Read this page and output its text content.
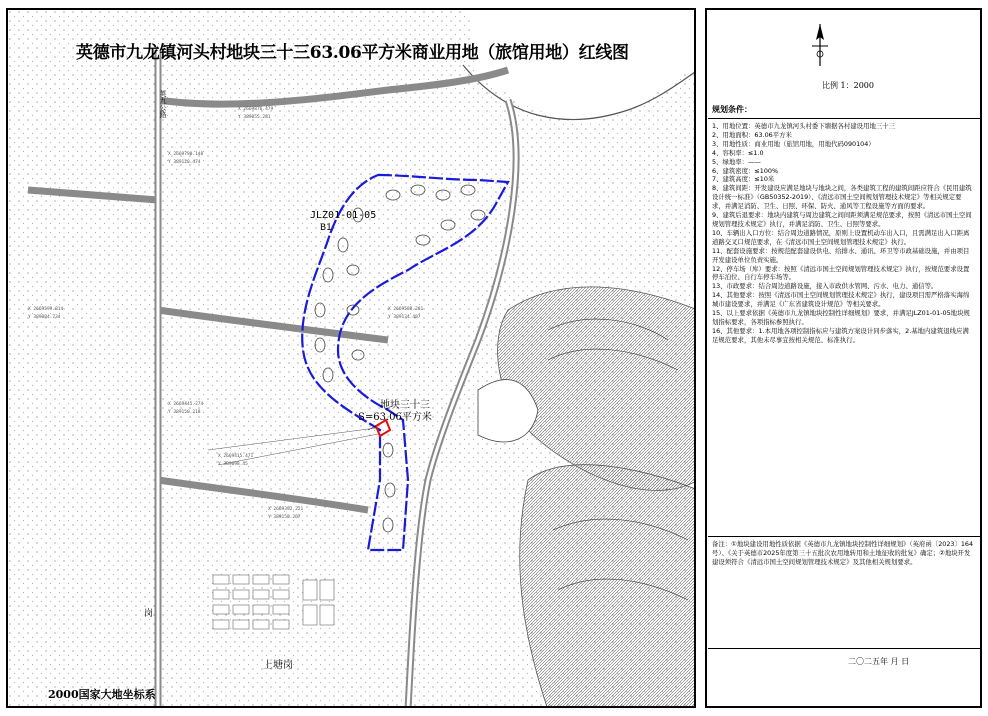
X 2669876.479
Y 389055.281
X 2669790.148
Y 389120.474
X 2669588.201
Y 389134.487
X 2669599.814
Y 389084.734
X 2669445.274
Y 389150.218
X 2669415.471
Y 389098.45
X 2669392.221
Y 389158.267
英德市九龙镇河头村地块三十三63.06平方米商业用地（旅馆用地）红线图
JLZ01-01-05
B1
地块三十三
S=63.06平方米
上塘岗
岗
英九公路
2000国家大地坐标系
比例 1：2000
规划条件：
1、用地位置：英德市九龙镇河头村委下塘据各村建设用地三十三
2、用地面积：63.06平方米
3、用地性质：商业用地（旅馆用地，用地代码090104）
4、容积率：≤1.0
5、绿地率：——
6、建筑密度：≤100%
7、建筑高度：≤10米
8、建筑间距：开发建设应满足地块与地块之间，各类建筑工程的建筑间距应符合《民用建筑设计统一标准》（GB50352-2019）、《清远市国土空间规划管理技术规定》等相关规定要求，并满足消防、卫生、日照、环保、防火、通风等工程设施等方面的要求。
9、建筑后退要求：地块内建筑与周边建筑之间间距须满足规范要求，按照《清远市国土空间规划管理技术规定》执行，并满足消防、卫生、日照等要求。
10、车辆出入口方位：结合周边道路情况，原则上设置机动车出入口，且需满足出入口距离道路交叉口规范要求，在《清远市国土空间规划管理技术规定》执行。
11、配套设施要求：按规范配套建设供电、给排水、通讯、环卫等市政基础设施，并由项目开发建设单位负责实施。
12、停车场（库）要求：按照《清远市国土空间规划管理技术规定》执行，按规范要求设置停车泊位、自行车停车场等。
13、市政要求：结合周边道路设施，接入市政供水管网、污水、电力、通信等。
14、其他要求：按照《清远市国土空间规划管理技术规定》执行，建设项目需严格落实海绵城市建设要求，并满足《广东省建筑设计规范》等相关要求。
15、以上要求依据《英德市九龙镇地块控制性详细规划》要求，并满足JLZ01-01-05地块规划指标要求，各项指标参照执行。
16、其他要求：1.本用地各项控制指标应与建筑方案设计同步落实，2.基地内建筑退线应满足规范要求，其他未尽事宜按相关规范、标准执行。
备注：①地块建设用地性质依据《英德市九龙镇地块控制性详细规划》（英府函〔2023〕164号）、《关于英德市2025年度第三十五批次农用地转用和土地征收的批复》确定；②地块开发建设须符合《清远市国土空间规划管理技术规定》及其他相关规划要求。
二〇二五年 月 日
